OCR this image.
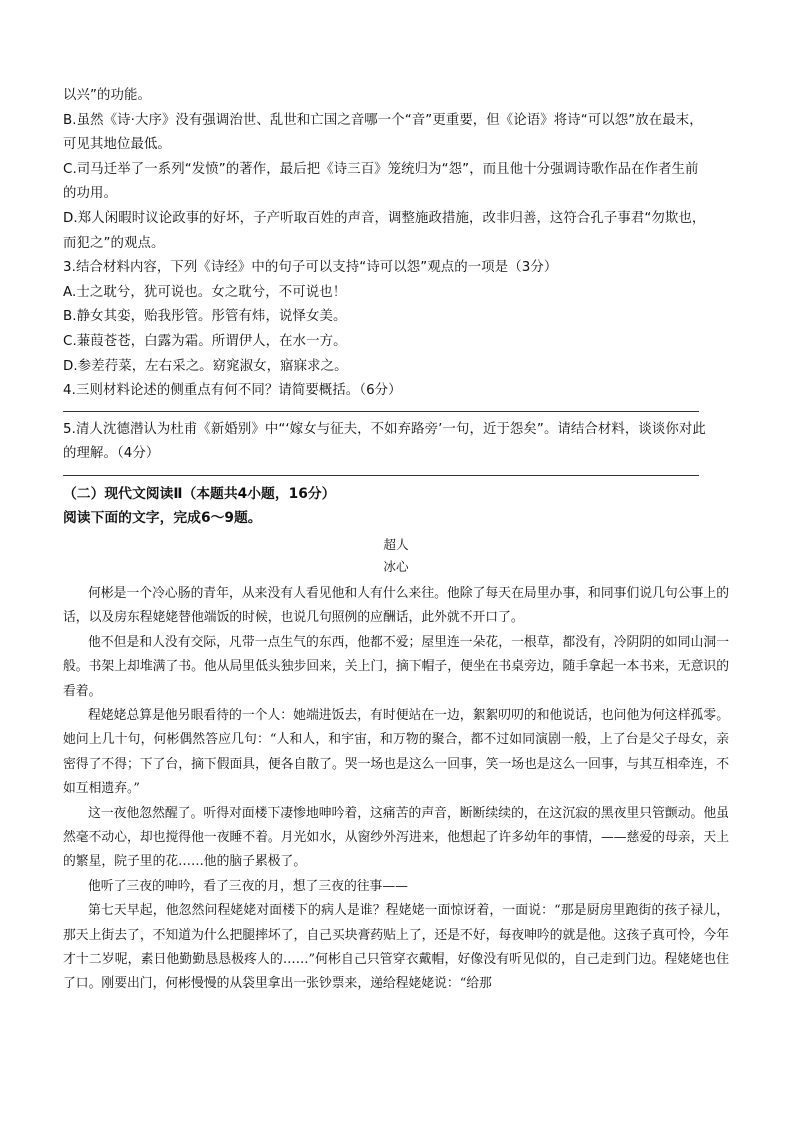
以兴”的功能。
B.虽然《诗·大序》没有强调治世、乱世和亡国之音哪一个“音”更重要，但《论语》将诗“可以怨”放在最末，
可见其地位最低。
C.司马迁举了一系列“发愤”的著作，最后把《诗三百》笼统归为“怨”，而且他十分强调诗歌作品在作者生前
的功用。
D.郑人闲暇时议论政事的好坏，子产听取百姓的声音，调整施政措施，改非归善，这符合孔子事君“勿欺也，
而犯之”的观点。
3.结合材料内容，下列《诗经》中的句子可以支持“诗可以怨”观点的一项是（3分）
A.士之耽兮，犹可说也。女之耽兮，不可说也！
B.静女其娈，贻我彤管。彤管有炜，说怿女美。
C.蒹葭苍苍，白露为霜。所谓伊人，在水一方。
D.参差荇菜，左右采之。窈窕淑女，寤寐求之。
4.三则材料论述的侧重点有何不同？请简要概括。（6分）
5.清人沈德潜认为杜甫《新婚别》中“‘嫁女与征夫，不如弃路旁’一句，近于怨矣”。请结合材料，谈谈你对此
的理解。（4分）
（二）现代文阅读Ⅱ（本题共4小题，16分）
阅读下面的文字，完成6～9题。
超人
冰心

何彬是一个冷心肠的青年，从来没有人看见他和人有什么来往。他除了每天在局里办事，和同事们说几句公事上的话，以及房东程姥姥替他端饭的时候，也说几句照例的应酬话，此外就不开口了。

他不但是和人没有交际，凡带一点生气的东西，他都不爱；屋里连一朵花，一根草，都没有，冷阴阴的如同山洞一般。书架上却堆满了书。他从局里低头独步回来，关上门，摘下帽子，便坐在书桌旁边，随手拿起一本书来，无意识的看着。

程姥姥总算是他另眼看待的一个人：她端进饭去，有时便站在一边，絮絮叨叨的和他说话，也问他为何这样孤零。她问上几十句，何彬偶然答应几句：“人和人，和宇宙，和万物的聚合，都不过如同演剧一般，上了台是父子母女，亲密得了不得；下了台，摘下假面具，便各自散了。哭一场也是这么一回事，笑一场也是这么一回事，与其互相牵连，不如互相遗弃。”

这一夜他忽然醒了。听得对面楼下凄惨地呻吟着，这痛苦的声音，断断续续的，在这沉寂的黑夜里只管颤动。他虽然毫不动心，却也搅得他一夜睡不着。月光如水，从窗纱外泻进来，他想起了许多幼年的事情，——慈爱的母亲，天上的繁星，院子里的花……他的脑子累极了。

他听了三夜的呻吟，看了三夜的月，想了三夜的往事——

第七天早起，他忽然问程姥姥对面楼下的病人是谁？程姥姥一面惊讶着，一面说：“那是厨房里跑街的孩子禄儿，那天上街去了，不知道为什么把腿摔坏了，自己买块膏药贴上了，还是不好，每夜呻吟的就是他。这孩子真可怜，今年才十二岁呢，素日他勤勤恳恳极疼人的……”何彬自己只管穿衣戴帽，好像没有听见似的，自己走到门边。程姥姥也住了口。刚要出门，何彬慢慢的从袋里拿出一张钞票来，递给程姥姥说：“给那
